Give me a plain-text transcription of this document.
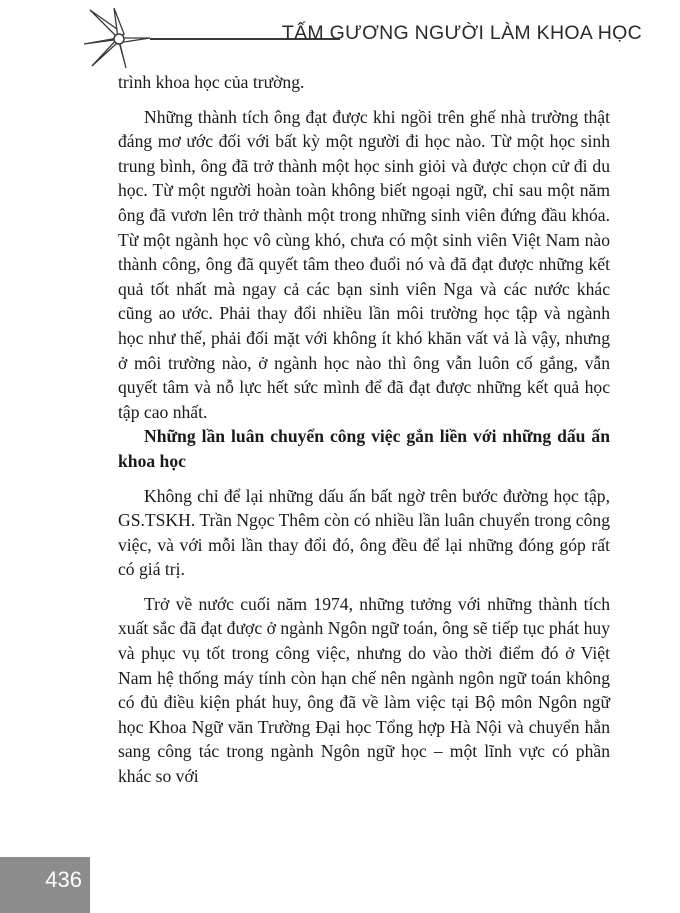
TẤM GƯƠNG NGƯỜI LÀM KHOA HỌC

trình khoa học của trường.

Những thành tích ông đạt được khi ngồi trên ghế nhà trường thật đáng mơ ước đối với bất kỳ một người đi học nào. Từ một học sinh trung bình, ông đã trở thành một học sinh giỏi và được chọn cử đi du học. Từ một người hoàn toàn không biết ngoại ngữ, chỉ sau một năm ông đã vươn lên trở thành một trong những sinh viên đứng đầu khóa. Từ một ngành học vô cùng khó, chưa có một sinh viên Việt Nam nào thành công, ông đã quyết tâm theo đuổi nó và đã đạt được những kết quả tốt nhất mà ngay cả các bạn sinh viên Nga và các nước khác cũng ao ước. Phải thay đổi nhiều lần môi trường học tập và ngành học như thế, phải đối mặt với không ít khó khăn vất vả là vậy, nhưng ở môi trường nào, ở ngành học nào thì ông vẫn luôn cố gắng, vẫn quyết tâm và nỗ lực hết sức mình để đã đạt được những kết quả học tập cao nhất.

Những lần luân chuyển công việc gắn liền với những dấu ấn khoa học

Không chỉ để lại những dấu ấn bất ngờ trên bước đường học tập, GS.TSKH. Trần Ngọc Thêm còn có nhiều lần luân chuyển trong công việc, và với mỗi lần thay đổi đó, ông đều để lại những đóng góp rất có giá trị.

Trở về nước cuối năm 1974, những tưởng với những thành tích xuất sắc đã đạt được ở ngành Ngôn ngữ toán, ông sẽ tiếp tục phát huy và phục vụ tốt trong công việc, nhưng do vào thời điểm đó ở Việt Nam hệ thống máy tính còn hạn chế nên ngành ngôn ngữ toán không có đủ điều kiện phát huy, ông đã về làm việc tại Bộ môn Ngôn ngữ học Khoa Ngữ văn Trường Đại học Tổng hợp Hà Nội và chuyển hẳn sang công tác trong ngành Ngôn ngữ học – một lĩnh vực có phần khác so với

436
